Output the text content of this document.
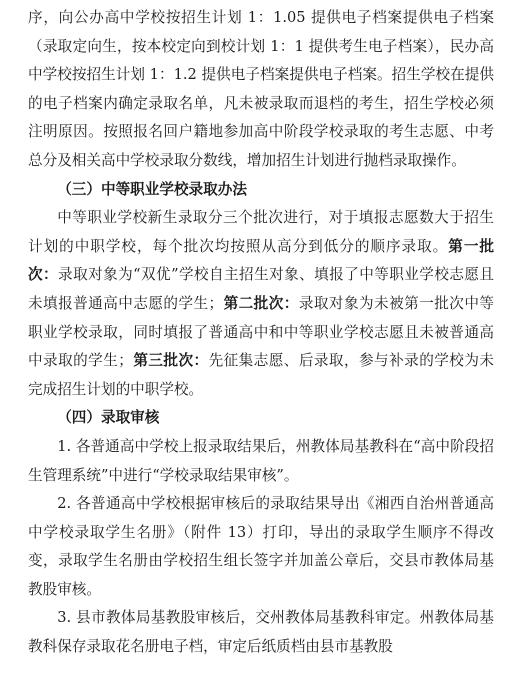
序，向公办高中学校按招生计划 1：1.05 提供电子档案提供电子档案（录取定向生，按本校定向到校计划 1：1 提供考生电子档案），民办高中学校按招生计划 1：1.2 提供电子档案提供电子档案。招生学校在提供的电子档案内确定录取名单，凡未被录取而退档的考生，招生学校必须注明原因。按照报名回户籍地参加高中阶段学校录取的考生志愿、中考总分及相关高中学校录取分数线，增加招生计划进行抛档录取操作。

（三）中等职业学校录取办法

中等职业学校新生录取分三个批次进行，对于填报志愿数大于招生计划的中职学校，每个批次均按照从高分到低分的顺序录取。第一批次：录取对象为“双优”学校自主招生对象、填报了中等职业学校志愿且未填报普通高中志愿的学生；第二批次：录取对象为未被第一批次中等职业学校录取，同时填报了普通高中和中等职业学校志愿且未被普通高中录取的学生；第三批次：先征集志愿、后录取，参与补录的学校为未完成招生计划的中职学校。

（四）录取审核

1. 各普通高中学校上报录取结果后，州教体局基教科在“高中阶段招生管理系统”中进行“学校录取结果审核”。

2. 各普通高中学校根据审核后的录取结果导出《湘西自治州普通高中学校录取学生名册》（附件 13）打印，导出的录取学生顺序不得改变，录取学生名册由学校招生组长签字并加盖公章后，交县市教体局基教股审核。

3. 县市教体局基教股审核后，交州教体局基教科审定。州教体局基教科保存录取花名册电子档，审定后纸质档由县市基教股
